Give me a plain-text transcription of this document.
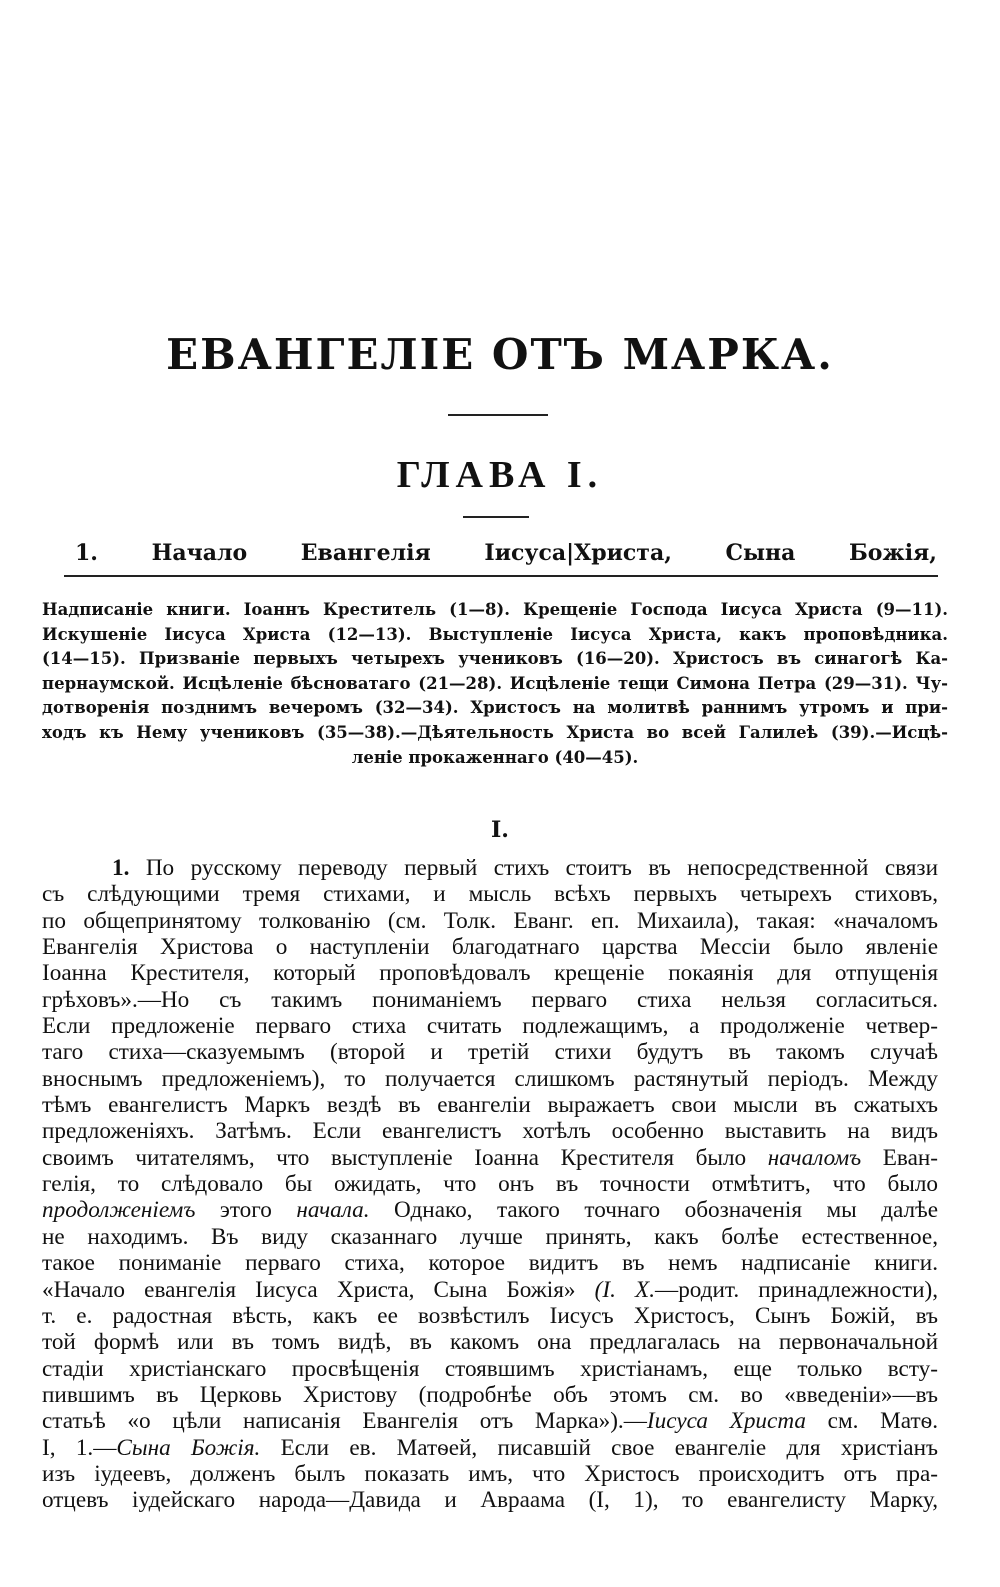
ЕВАНГЕЛІЕ ОТЪ МАРКА.
ГЛАВА I.
1. Начало Евангелія Іисуса|Христа, Сына Божія,
Надписаніе книги. Іоаннъ Креститель (1—8). Крещеніе Господа Іисуса Христа (9—11).
Искушеніе Іисуса Христа (12—13). Выступленіе Іисуса Христа, какъ проповѣдника.
(14—15). Призваніе первыхъ четырехъ учениковъ (16—20). Христосъ въ синагогѣ Ка-
пернаумской. Исцѣленіе бѣсноватаго (21—28). Исцѣленіе тещи Симона Петра (29—31). Чу-
дотворенія позднимъ вечеромъ (32—34). Христосъ на молитвѣ раннимъ утромъ и при-
ходъ къ Нему учениковъ (35—38).—Дѣятельность Христа во всей Галилеѣ (39).—Исцѣ-
леніе прокаженнаго (40—45).
I.
1. По русскому переводу первый стихъ стоитъ въ непосредственной связи
съ слѣдующими тремя стихами, и мысль всѣхъ первыхъ четырехъ стиховъ,
по общепринятому толкованію (см. Толк. Еванг. еп. Михаила), такая: «началомъ
Евангелія Христова о наступленіи благодатнаго царства Мессіи было явленіе
Іоанна Крестителя, который проповѣдовалъ крещеніе покаянія для отпущенія
грѣховъ».—Но съ такимъ пониманіемъ перваго стиха нельзя согласиться.
Если предложеніе перваго стиха считать подлежащимъ, а продолженіе четвер-
таго стиха—сказуемымъ (второй и третій стихи будутъ въ такомъ случаѣ
вноснымъ предложеніемъ), то получается слишкомъ растянутый періодъ. Между
тѣмъ евангелистъ Маркъ вездѣ въ евангеліи выражаетъ свои мысли въ сжатыхъ
предложеніяхъ. Затѣмъ. Если евангелистъ хотѣлъ особенно выставить на видъ
своимъ читателямъ, что выступленіе Іоанна Крестителя было началомъ Еван-
гелія, то слѣдовало бы ожидать, что онъ въ точности отмѣтитъ, что было
продолженіемъ этого начала. Однако, такого точнаго обозначенія мы далѣе
не находимъ. Въ виду сказаннаго лучше принять, какъ болѣе естественное,
такое пониманіе перваго стиха, которое видитъ въ немъ надписаніе книги.
«Начало евангелія Іисуса Христа, Сына Божія» (I. Х.—родит. принадлежности),
т. е. радостная вѣсть, какъ ее возвѣстилъ Іисусъ Христосъ, Сынъ Божій, въ
той формѣ или въ томъ видѣ, въ какомъ она предлагалась на первоначальной
стадіи христіанскаго просвѣщенія стоявшимъ христіанамъ, еще только всту-
пившимъ въ Церковь Христову (подробнѣе объ этомъ см. во «введеніи»—въ
статьѣ «о цѣли написанія Евангелія отъ Марка»).—Іисуса Христа см. Матѳ.
I, 1.—Сына Божія. Если ев. Матѳей, писавшій свое евангеліе для христіанъ
изъ іудеевъ, долженъ былъ показать имъ, что Христосъ происходитъ отъ пра-
отцевъ іудейскаго народа—Давида и Авраама (I, 1), то евангелисту Марку,
